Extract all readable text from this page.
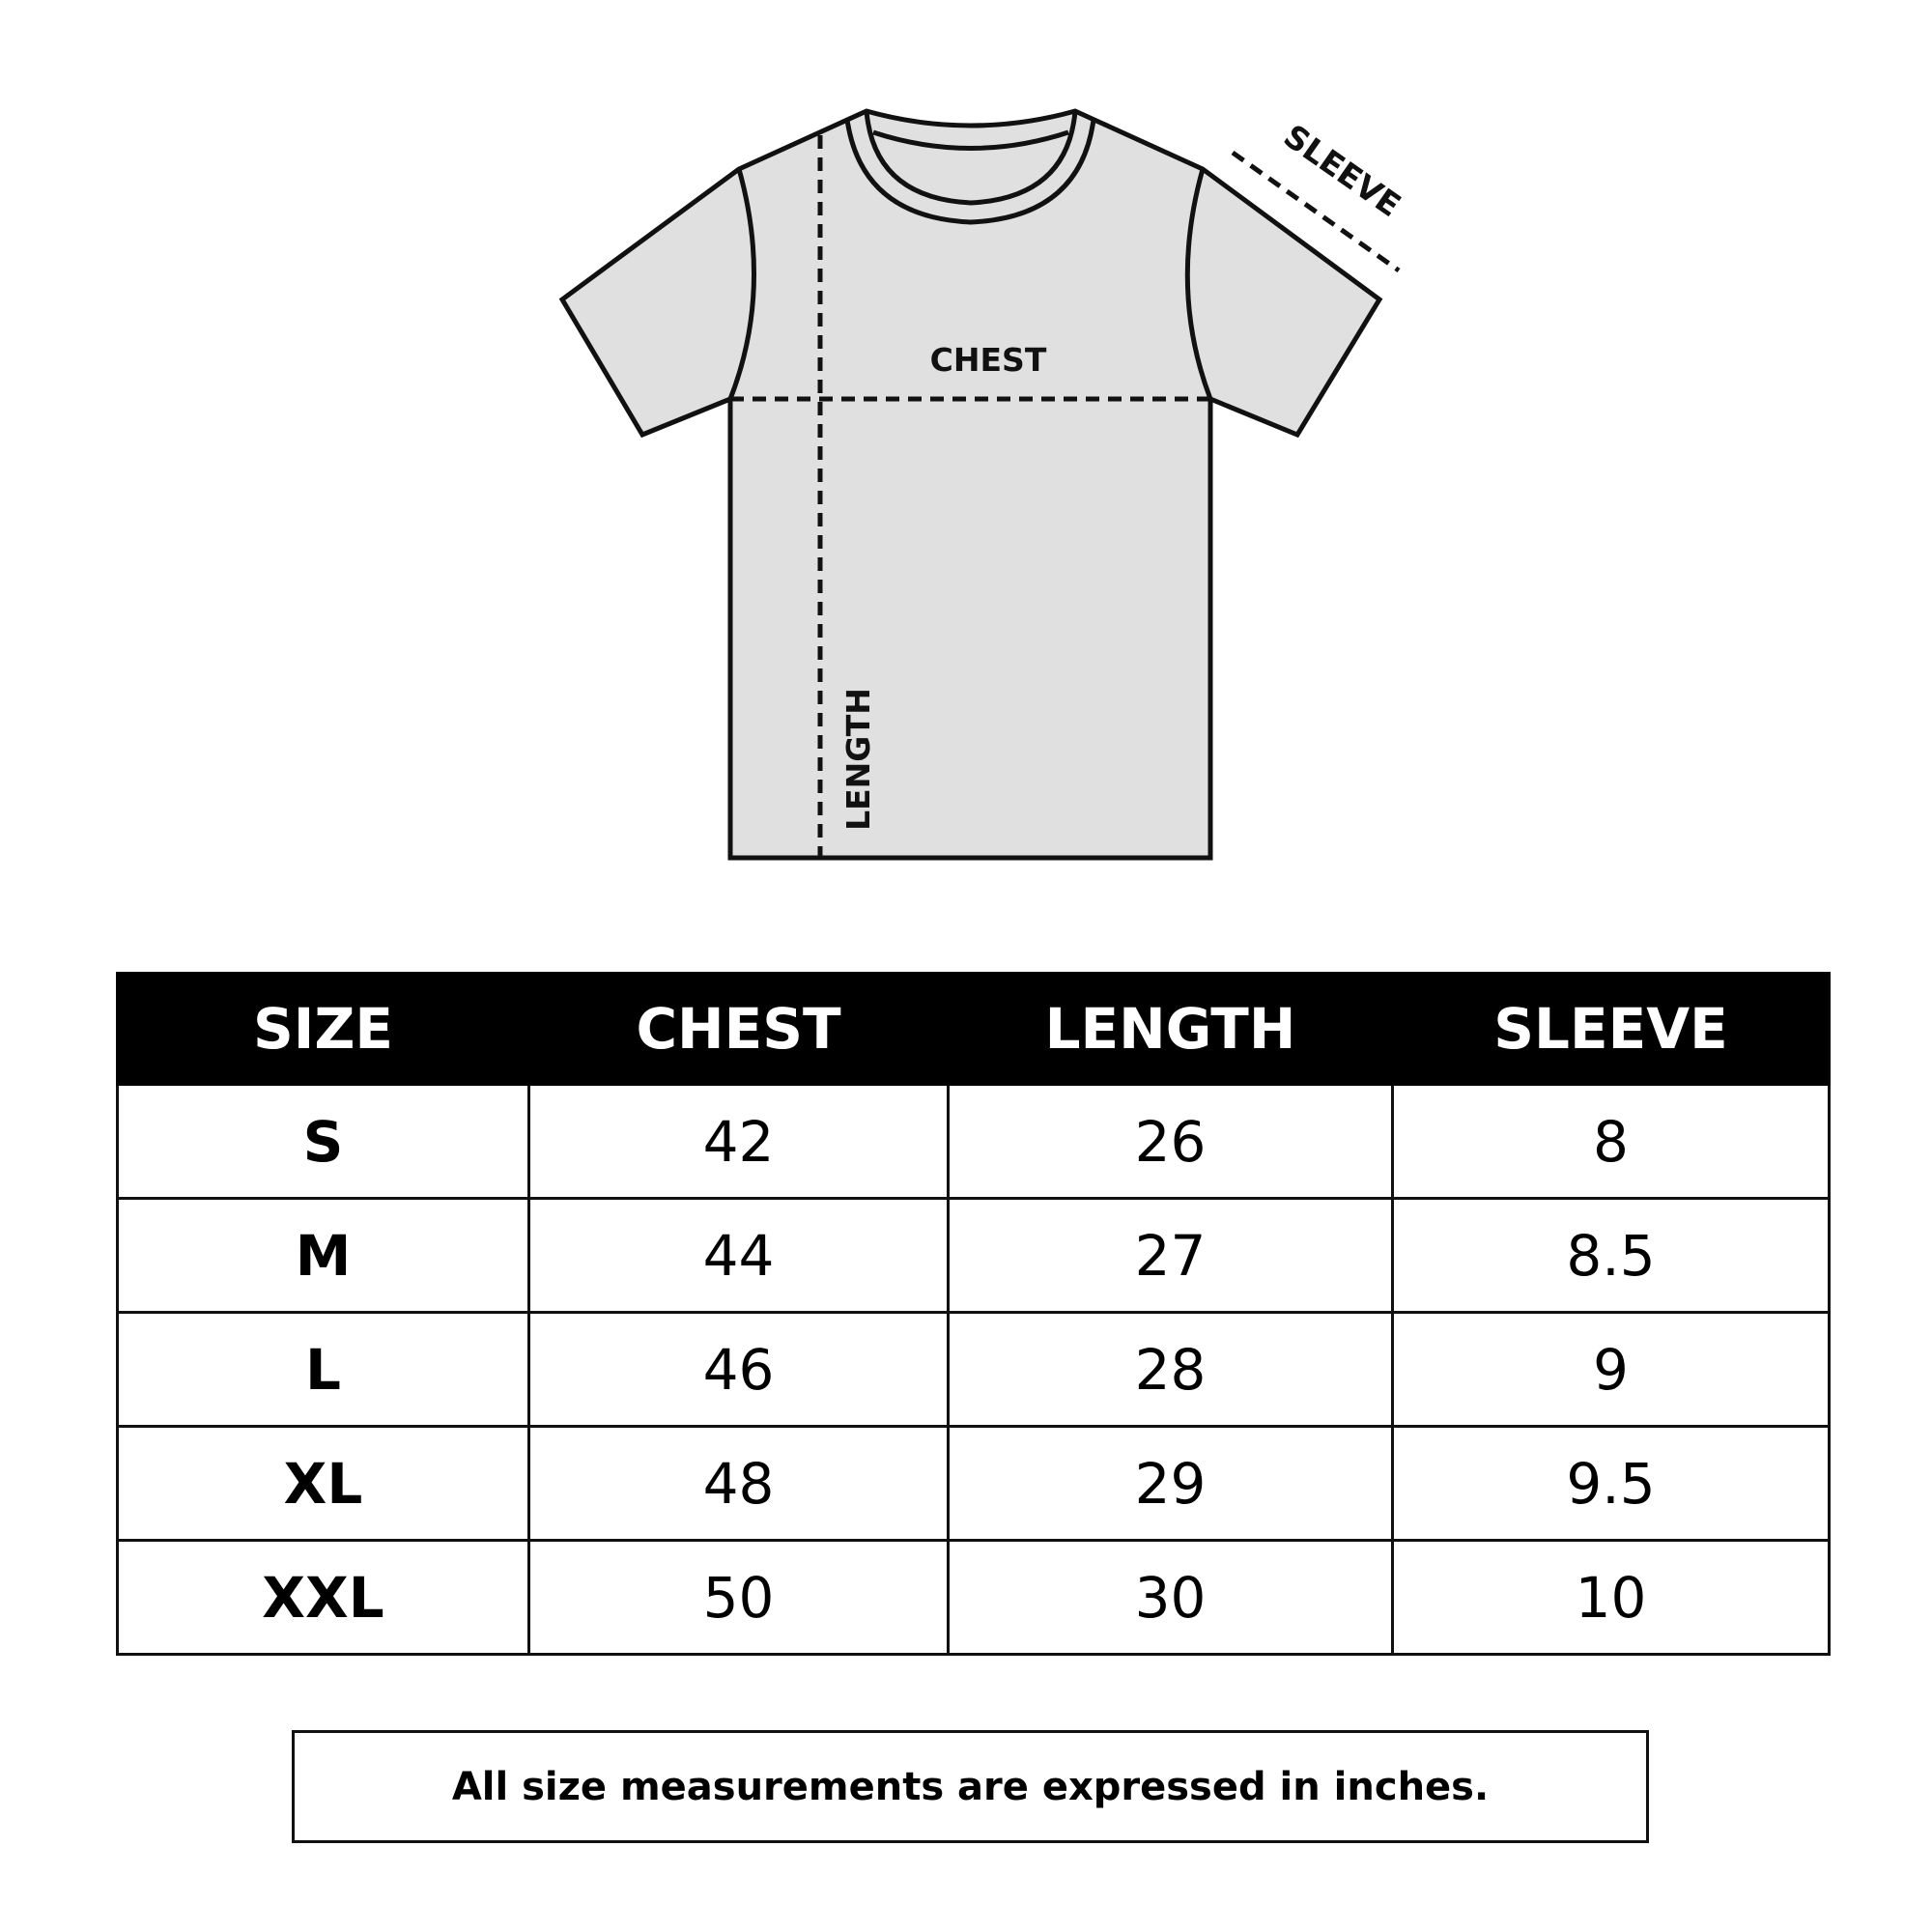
CHEST
LENGTH
SLEEVE
SIZE	CHEST	LENGTH	SLEEVE
S	42	26	8
M	44	27	8.5
L	46	28	9
XL	48	29	9.5
XXL	50	30	10
All size measurements are expressed in inches.
